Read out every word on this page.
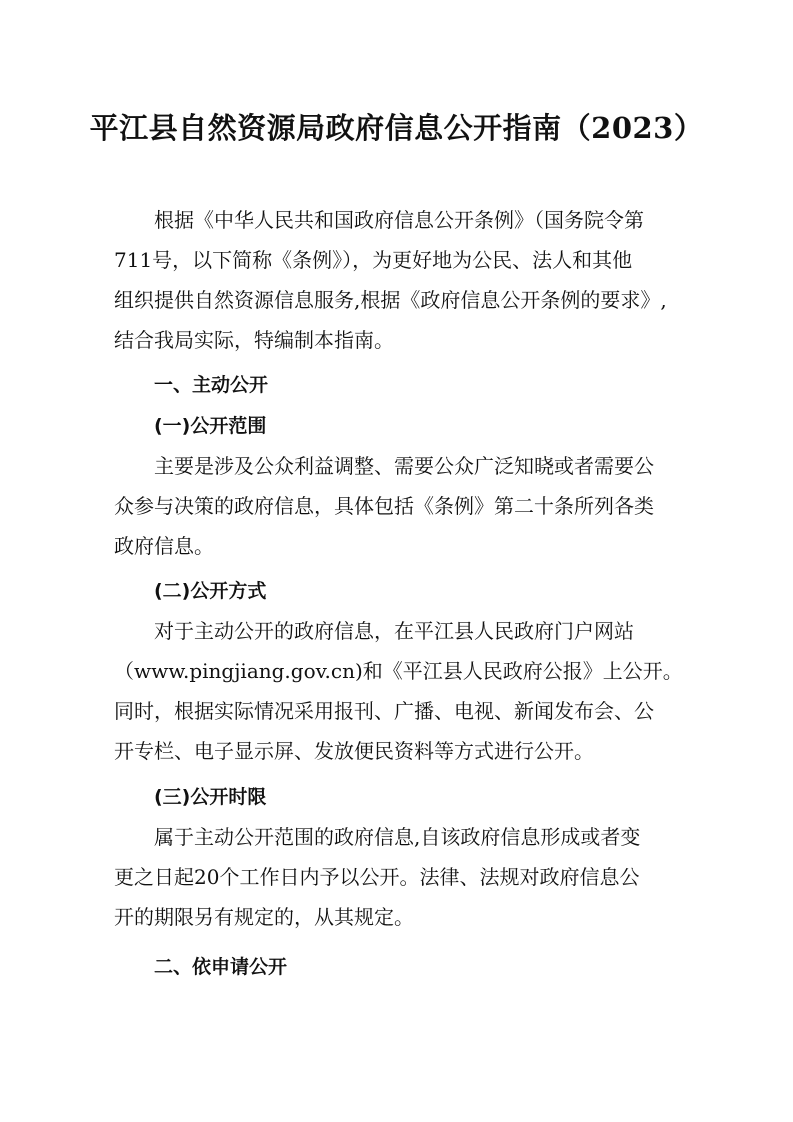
平江县自然资源局政府信息公开指南（2023）
根据《中华人民共和国政府信息公开条例》（国务院令第
711号，以下简称《条例》），为更好地为公民、法人和其他
组织提供自然资源信息服务,根据《政府信息公开条例的要求》,
结合我局实际，特编制本指南。
一、主动公开
(一)公开范围
主要是涉及公众利益调整、需要公众广泛知晓或者需要公
众参与决策的政府信息，具体包括《条例》第二十条所列各类
政府信息。
(二)公开方式
对于主动公开的政府信息，在平江县人民政府门户网站
（www.pingjiang.gov.cn)和《平江县人民政府公报》上公开。
同时，根据实际情况采用报刊、广播、电视、新闻发布会、公
开专栏、电子显示屏、发放便民资料等方式进行公开。
(三)公开时限
属于主动公开范围的政府信息,自该政府信息形成或者变
更之日起20个工作日内予以公开。法律、法规对政府信息公
开的期限另有规定的，从其规定。
二、依申请公开
